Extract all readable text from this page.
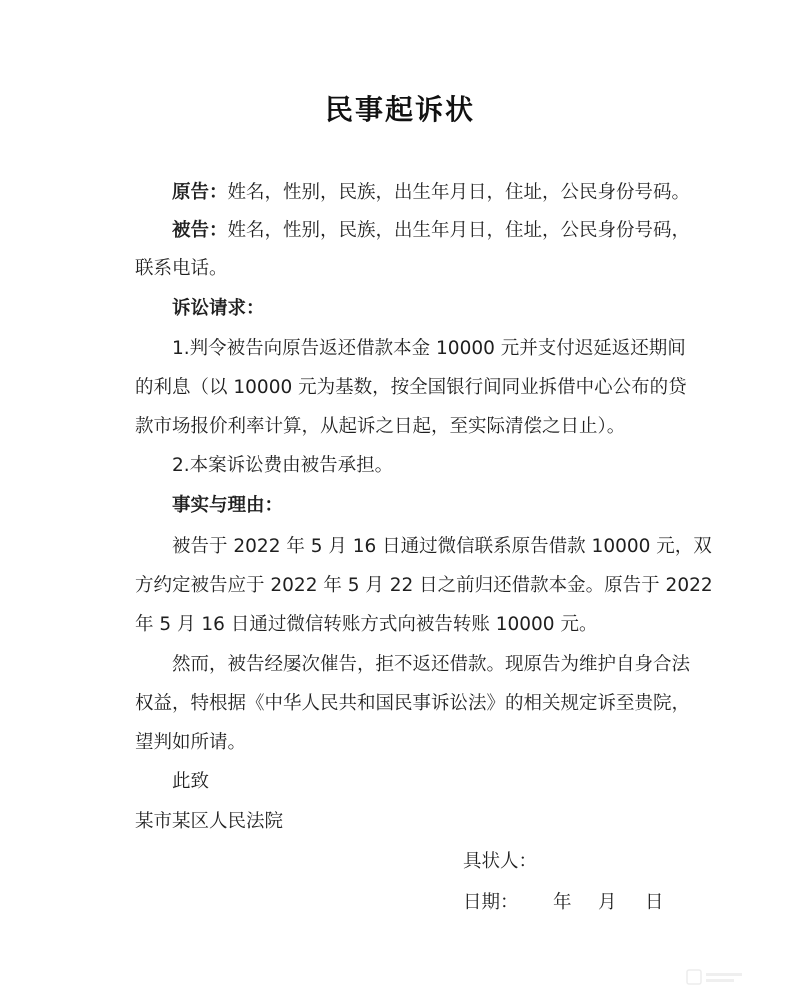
民事起诉状
原告：姓名，性别，民族，出生年月日，住址，公民身份号码。
被告：姓名，性别，民族，出生年月日，住址，公民身份号码，
联系电话。
诉讼请求：
1.判令被告向原告返还借款本金 10000 元并支付迟延返还期间
的利息（以 10000 元为基数，按全国银行间同业拆借中心公布的贷
款市场报价利率计算，从起诉之日起，至实际清偿之日止）。
2.本案诉讼费由被告承担。
事实与理由：
被告于 2022 年 5 月 16 日通过微信联系原告借款 10000 元，双
方约定被告应于 2022 年 5 月 22 日之前归还借款本金。原告于 2022
年 5 月 16 日通过微信转账方式向被告转账 10000 元。
然而，被告经屡次催告，拒不返还借款。现原告为维护自身合法
权益，特根据《中华人民共和国民事诉讼法》的相关规定诉至贵院，
望判如所请。
此致
某市某区人民法院
具状人：
日期： 年 月 日
